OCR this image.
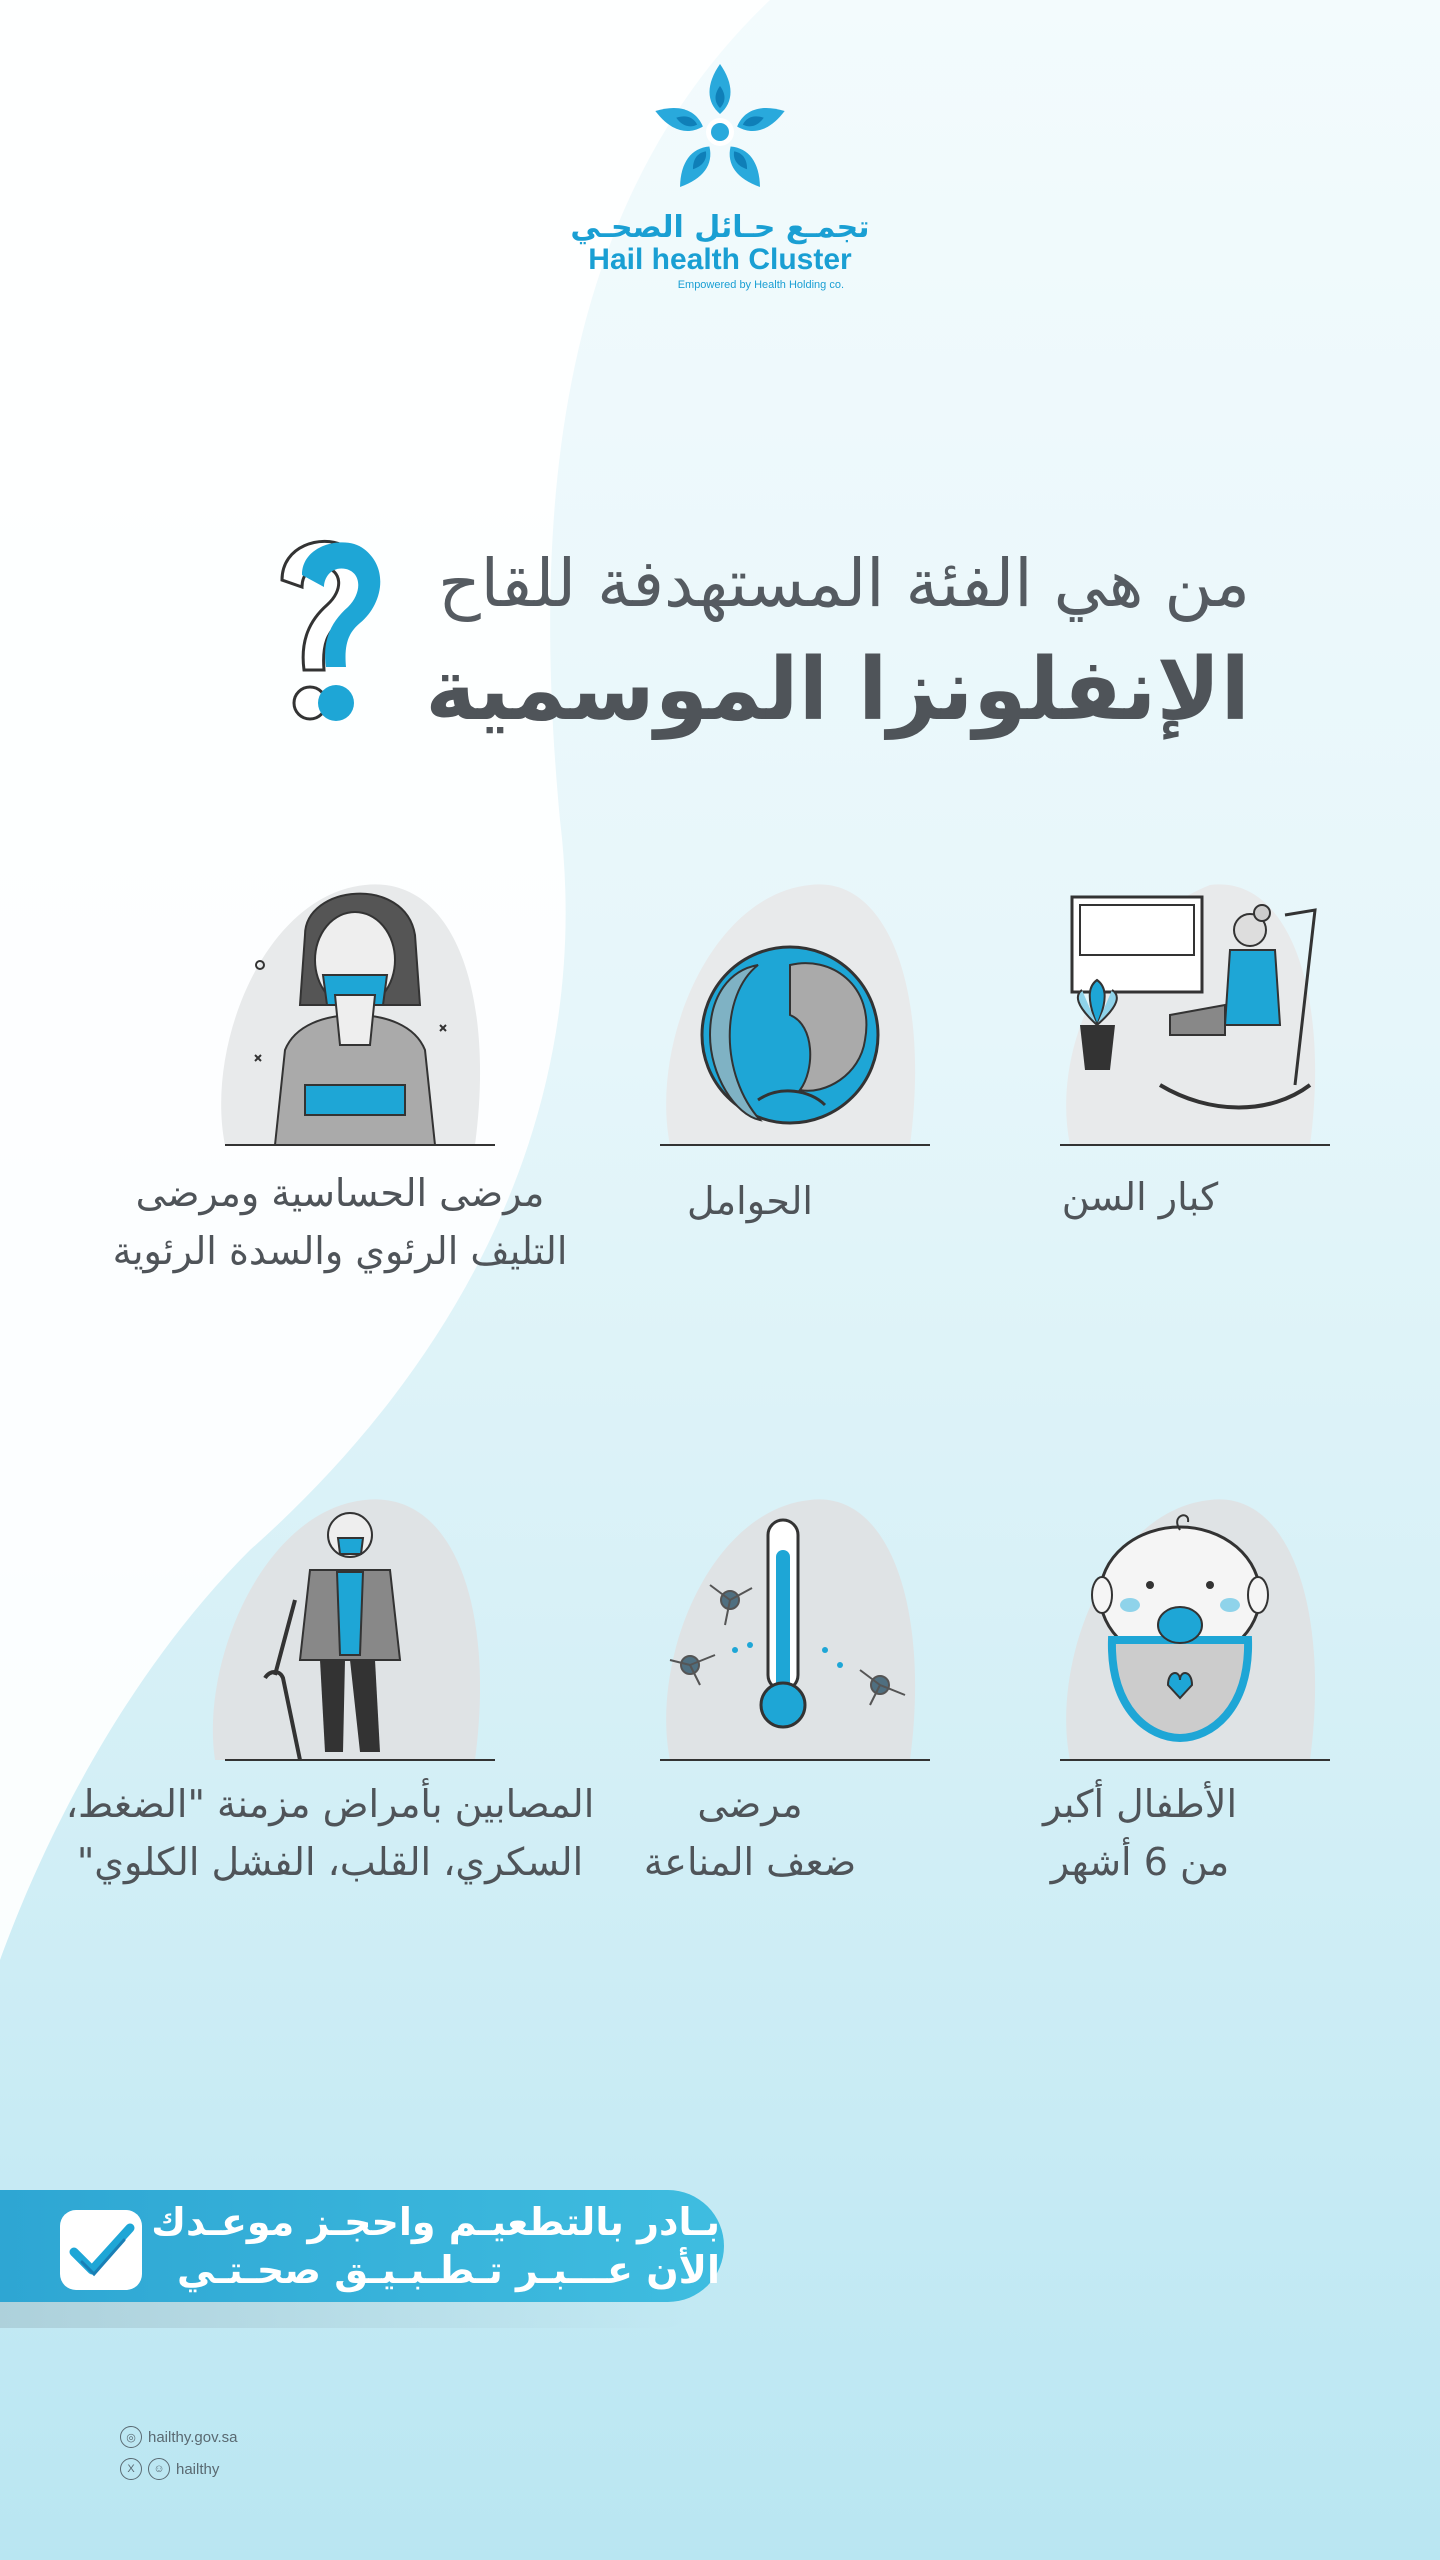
تجمـع حـائل الصحـي
Hail health Cluster
Empowered by Health Holding co.
من هي الفئة المستهدفة للقاح
الإنفلونزا الموسمية
كبار السن
الحوامل
مرضى الحساسية ومرضى
التليف الرئوي والسدة الرئوية
الأطفال أكبر
من 6 أشهر
مرضى
ضعف المناعة
المصابين بأمراض مزمنة "الضغط،
السكري، القلب، الفشل الكلوي"
بـادر بالتطعيـم واحجـز موعـدك
الأن عـــبـر تـطـبـيـق صحـتـي
◎ hailthy.gov.sa
X	☺ hailthy
